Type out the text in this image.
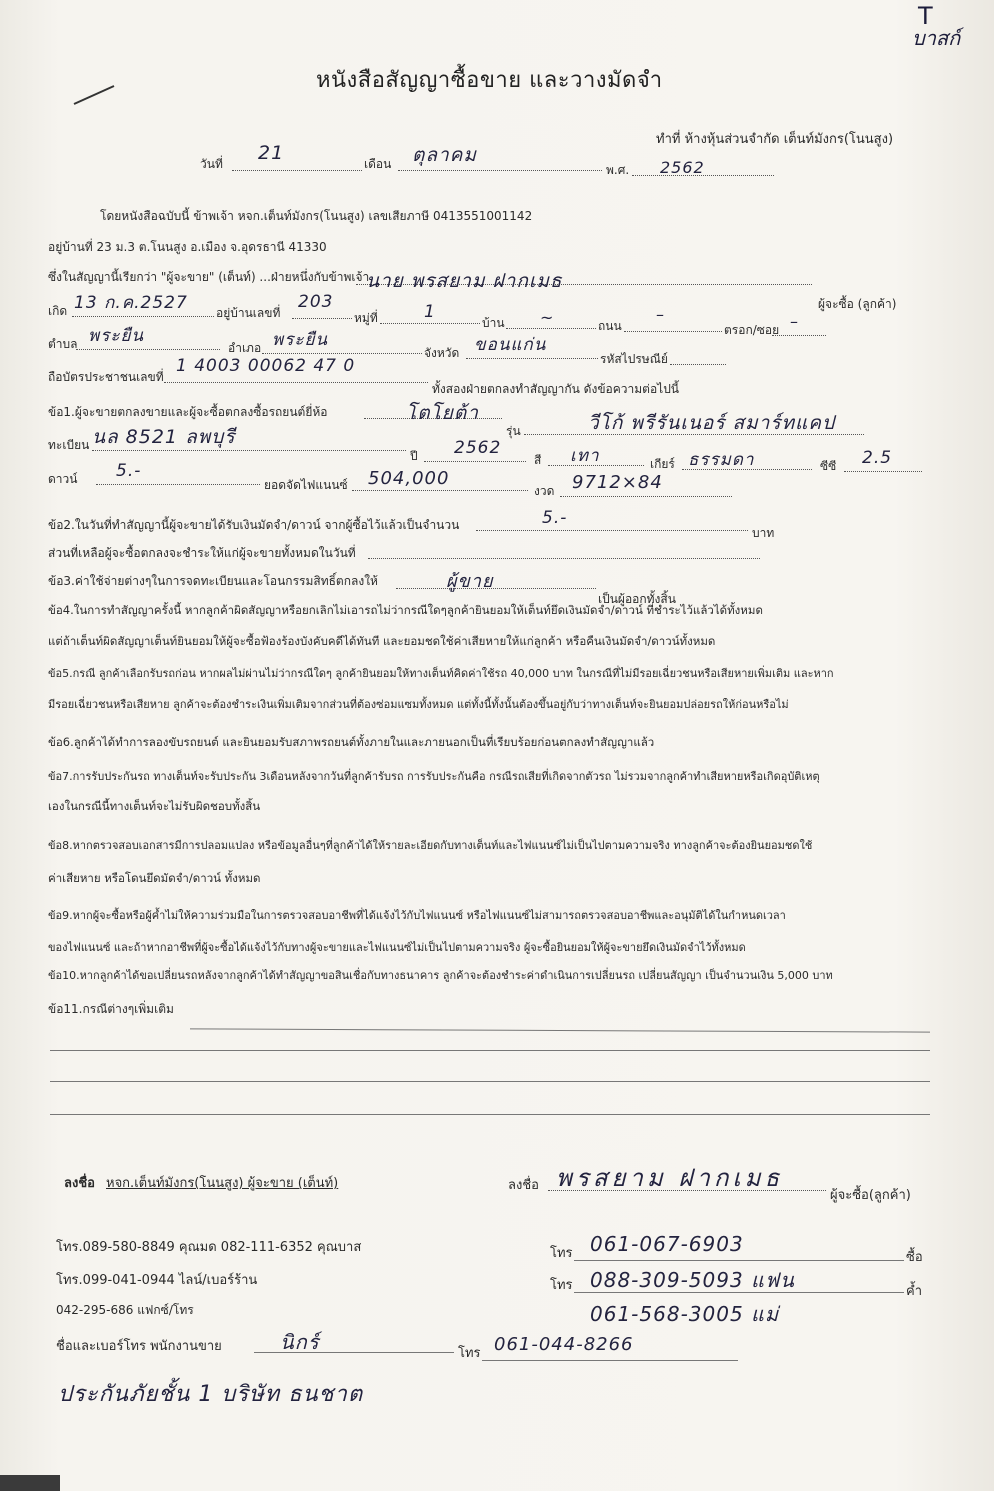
T
บาสก์
หนังสือสัญญาซื้อขาย และวางมัดจำ
ทำที่ ห้างหุ้นส่วนจำกัด เต็นท์มังกร(โนนสูง)
วันที่ 21	เดือน ตุลาคม
พ.ศ. 2562
โดยหนังสือฉบับนี้ ข้าพเจ้า หจก.เต็นท์มังกร(โนนสูง) เลขเสียภาษี 0413551001142
อยู่บ้านที่ 23 ม.3 ต.โนนสูง อ.เมือง จ.อุดรธานี 41330
ซึ่งในสัญญานี้เรียกว่า "ผู้จะขาย" (เต็นท์) ...ฝ่ายหนึ่งกับข้าพเจ้า
นาย พรสยาม ฝากเมธ
ผู้จะซื้อ (ลูกค้า)
เกิด 13 ก.ค.2527 อยู่บ้านเลขที่
203
หมู่ที่	1
บ้าน ~	ถนน
–
ตรอก/ซอย –
ตำบล พระยืน
อำเภอ พระยืน
จังหวัด ขอนแก่น
รหัสไปรษณีย์
ถือบัตรประชาชนเลขที่
1 4003 00062 47 0
ทั้งสองฝ่ายตกลงทำสัญญากัน ดังข้อความต่อไปนี้
ข้อ1.ผู้จะขายตกลงขายและผู้จะซื้อตกลงซื้อรถยนต์ยี่ห้อ	โตโยต้า
รุ่น	วีโก้ พรีรันเนอร์ สมาร์ทแคป
ทะเบียน นล 8521 ลพบุรี
ปี 2562
สี เทา	เกียร์ ธรรมดา	ซีซี 2.5
ดาวน์ 5.-
ยอดจัดไฟแนนซ์ 504,000
งวด 9712×84
ข้อ2.ในวันที่ทำสัญญานี้ผู้จะขายได้รับเงินมัดจำ/ดาวน์ จากผู้ซื้อไว้แล้วเป็นจำนวน	5.-
บาท
ส่วนที่เหลือผู้จะซื้อตกลงจะชำระให้แก่ผู้จะขายทั้งหมดในวันที่
ข้อ3.ค่าใช้จ่ายต่างๆในการจดทะเบียนและโอนกรรมสิทธิ์ตกลงให้	ผู้ขาย
เป็นผู้ออกทั้งสิ้น
ข้อ4.ในการทำสัญญาครั้งนี้ หากลูกค้าผิดสัญญาหรือยกเลิกไม่เอารถไม่ว่ากรณีใดๆลูกค้ายินยอมให้เต็นท์ยึดเงินมัดจำ/ดาวน์ ที่ชำระไว้แล้วได้ทั้งหมด
แต่ถ้าเต็นท์ผิดสัญญาเต็นท์ยินยอมให้ผู้จะซื้อฟ้องร้องบังคับคดีได้ทันที และยอมชดใช้ค่าเสียหายให้แก่ลูกค้า หรือคืนเงินมัดจำ/ดาวน์ทั้งหมด
ข้อ5.กรณี ลูกค้าเลือกรับรถก่อน หากผลไม่ผ่านไม่ว่ากรณีใดๆ ลูกค้ายินยอมให้ทางเต็นท์คิดค่าใช้รถ 40,000 บาท ในกรณีที่ไม่มีรอยเฉี่ยวชนหรือเสียหายเพิ่มเติม และหาก
มีรอยเฉี่ยวชนหรือเสียหาย ลูกค้าจะต้องชำระเงินเพิ่มเติมจากส่วนที่ต้องซ่อมแซมทั้งหมด แต่ทั้งนี้ทั้งนั้นต้องขึ้นอยู่กับว่าทางเต็นท์จะยินยอมปล่อยรถให้ก่อนหรือไม่
ข้อ6.ลูกค้าได้ทำการลองขับรถยนต์ และยินยอมรับสภาพรถยนต์ทั้งภายในและภายนอกเป็นที่เรียบร้อยก่อนตกลงทำสัญญาแล้ว
ข้อ7.การรับประกันรถ ทางเต็นท์จะรับประกัน 3เดือนหลังจากวันที่ลูกค้ารับรถ การรับประกันคือ กรณีรถเสียที่เกิดจากตัวรถ ไม่รวมจากลูกค้าทำเสียหายหรือเกิดอุบัติเหตุ
เองในกรณีนี้ทางเต็นท์จะไม่รับผิดชอบทั้งสิ้น
ข้อ8.หากตรวจสอบเอกสารมีการปลอมแปลง หรือข้อมูลอื่นๆที่ลูกค้าได้ให้รายละเอียดกับทางเต็นท์และไฟแนนซ์ไม่เป็นไปตามความจริง ทางลูกค้าจะต้องยินยอมชดใช้
ค่าเสียหาย หรือโดนยึดมัดจำ/ดาวน์ ทั้งหมด
ข้อ9.หากผู้จะซื้อหรือผู้ค้ำไม่ให้ความร่วมมือในการตรวจสอบอาชีพที่ได้แจ้งไว้กับไฟแนนซ์ หรือไฟแนนซ์ไม่สามารถตรวจสอบอาชีพและอนุมัติได้ในกำหนดเวลา
ของไฟแนนซ์ และถ้าหากอาชีพที่ผู้จะซื้อได้แจ้งไว้กับทางผู้จะขายและไฟแนนซ์ไม่เป็นไปตามความจริง ผู้จะซื้อยินยอมให้ผู้จะขายยึดเงินมัดจำไว้ทั้งหมด
ข้อ10.หากลูกค้าได้ขอเปลี่ยนรถหลังจากลูกค้าได้ทำสัญญาขอสินเชื่อกับทางธนาคาร ลูกค้าจะต้องชำระค่าดำเนินการเปลี่ยนรถ เปลี่ยนสัญญา เป็นจำนวนเงิน 5,000 บาท
ข้อ11.กรณีต่างๆเพิ่มเติม
ลงชื่อ หจก.เต็นท์มังกร(โนนสูง) ผู้จะขาย (เต็นท์)	ลงชื่อ พรสยาม ฝากเมธ
ผู้จะซื้อ(ลูกค้า)
โทร.089-580-8849 คุณมด 082-111-6352 คุณบาส
โทร.099-041-0944 ไลน์/เบอร์ร้าน
042-295-686 แฟกซ์/โทร
ชื่อและเบอร์โทร พนักงานขาย	นิกร์	โทร 061-044-8266
โทร 061-067-6903
ซื้อ
โทร 088-309-5093 แฟน	ค้ำ
061-568-3005 แม่
ประกันภัยชั้น 1 บริษัท ธนชาต
